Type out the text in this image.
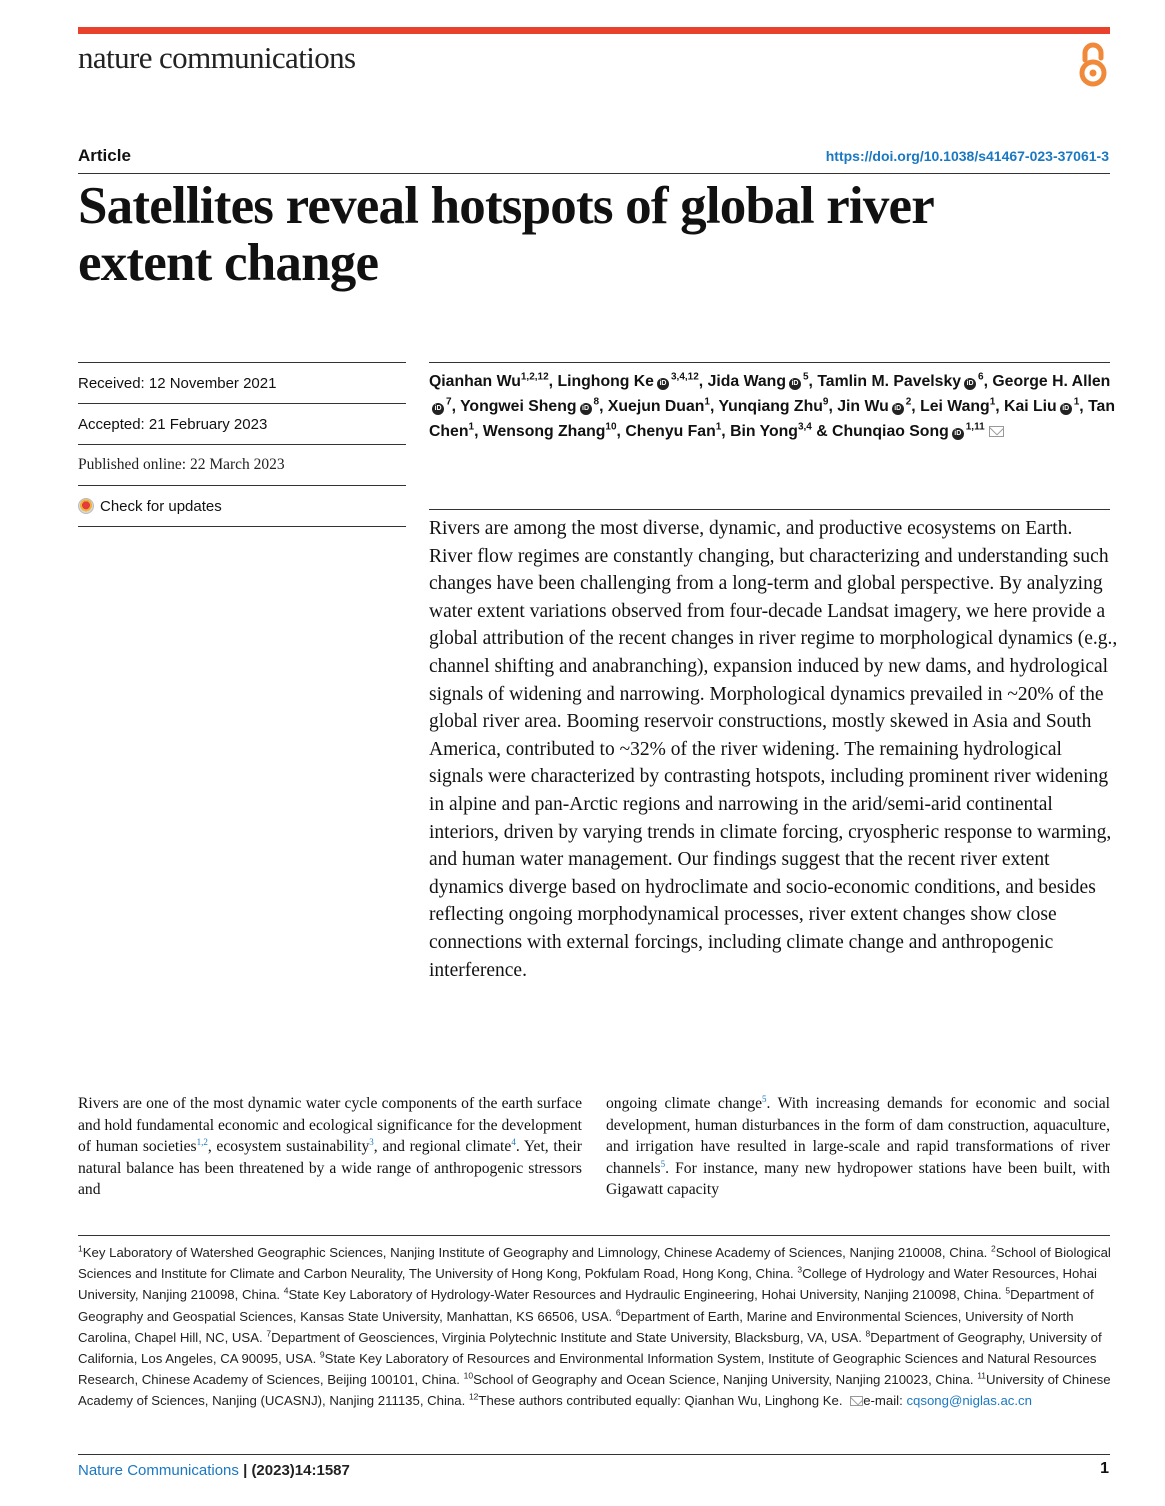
nature communications
Article	https://doi.org/10.1038/s41467-023-37061-3
Satellites reveal hotspots of global river
extent change
Received: 12 November 2021
Accepted: 21 February 2023
Published online: 22 March 2023
Check for updates

Qianhan Wu$^{1,2,12}$, Linghong Ke iD$^{3,4,12}$, Jida Wang $iD^5$, Tamlin M. Pavelsky $iD^6$, George H. AlleniD$^7$, Yongwei Sheng $iD^8$, Xuejun Duan$^1$, Yunqiang Zhu$^9$, Jin Wu $iD^2$, Lei Wang$^1$, Kai Liu $iD^1$, Tan Chen$^1$, Wensong Zhang$^{10}$, Chenyu Fan$^1$, Bin Yong$^{3,4}$ & Chunqiao Song iD$^{1,11}$

Rivers are among the most diverse, dynamic, and productive ecosystems on Earth. River flow regimes are constantly changing, but characterizing and understanding such changes have been challenging from a long-term and global perspective. By analyzing water extent variations observed from four-decade Landsat imagery, we here provide a global attribution of the recent changes in river regime to morphological dynamics (e.g., channel shifting and anabranching), expansion induced by new dams, and hydrological signals of widening and narrowing. Morphological dynamics prevailed in ~20% of the global river area. Booming reservoir constructions, mostly skewed in Asia and South America, contributed to ~32% of the river widening. The remaining hydrological signals were characterized by contrasting hotspots, including prominent river widening in alpine and pan-Arctic regions and narrowing in the arid/semi-arid continental interiors, driven by varying trends in climate forcing, cryospheric response to warming, and human water management. Our findings suggest that the recent river extent dynamics diverge based on hydroclimate and socio-economic conditions, and besides reflecting ongoing morphodynamical processes, river extent changes show close connections with external forcings, including climate change and anthropogenic interference.

Rivers are one of the most dynamic water cycle components of the earth surface and hold fundamental economic and ecological significance for the development of human societies$^{1,2}$, ecosystem sustainability$^3$, and regional climate$^4$. Yet, their natural balance has been threatened by a wide range of anthropogenic stressors and

ongoing climate change$^5$. With increasing demands for economic and social development, human disturbances in the form of dam construction, aquaculture, and irrigation have resulted in large-scale and rapid transformations of river channels$^5$. For instance, many new hydropower stations have been built, with Gigawatt capacity

$^1$Key Laboratory of Watershed Geographic Sciences, Nanjing Institute of Geography and Limnology, Chinese Academy of Sciences, Nanjing 210008, China. $^2$School of Biological Sciences and Institute for Climate and Carbon Neurality, The University of Hong Kong, Pokfulam Road, Hong Kong, China. $^3$College of Hydrology and Water Resources, Hohai University, Nanjing 210098, China. $^4$State Key Laboratory of Hydrology-Water Resources and Hydraulic Engineering, Hohai University, Nanjing 210098, China. $^5$Department of Geography and Geospatial Sciences, Kansas State University, Manhattan, KS 66506, USA. $^6$Department of Earth, Marine and Environmental Sciences, University of North Carolina, Chapel Hill, NC, USA. $^7$Department of Geosciences, Virginia Polytechnic Institute and State University, Blacksburg, VA, USA. $^8$Department of Geography, University of California, Los Angeles, CA 90095, USA. $^9$State Key Laboratory of Resources and Environmental Information System, Institute of Geographic Sciences and Natural Resources Research, Chinese Academy of Sciences, Beijing 100101, China. $^{10}$School of Geography and Ocean Science, Nanjing University, Nanjing 210023, China. $^{11}$University of Chinese Academy of Sciences, Nanjing (UCASNJ), Nanjing 211135, China. $^{12}$These authors contributed equally: Qianhan Wu, Linghong Ke. e-mail: cqsong@niglas.ac.cn

Nature Communications | (2023)14:1587	1
